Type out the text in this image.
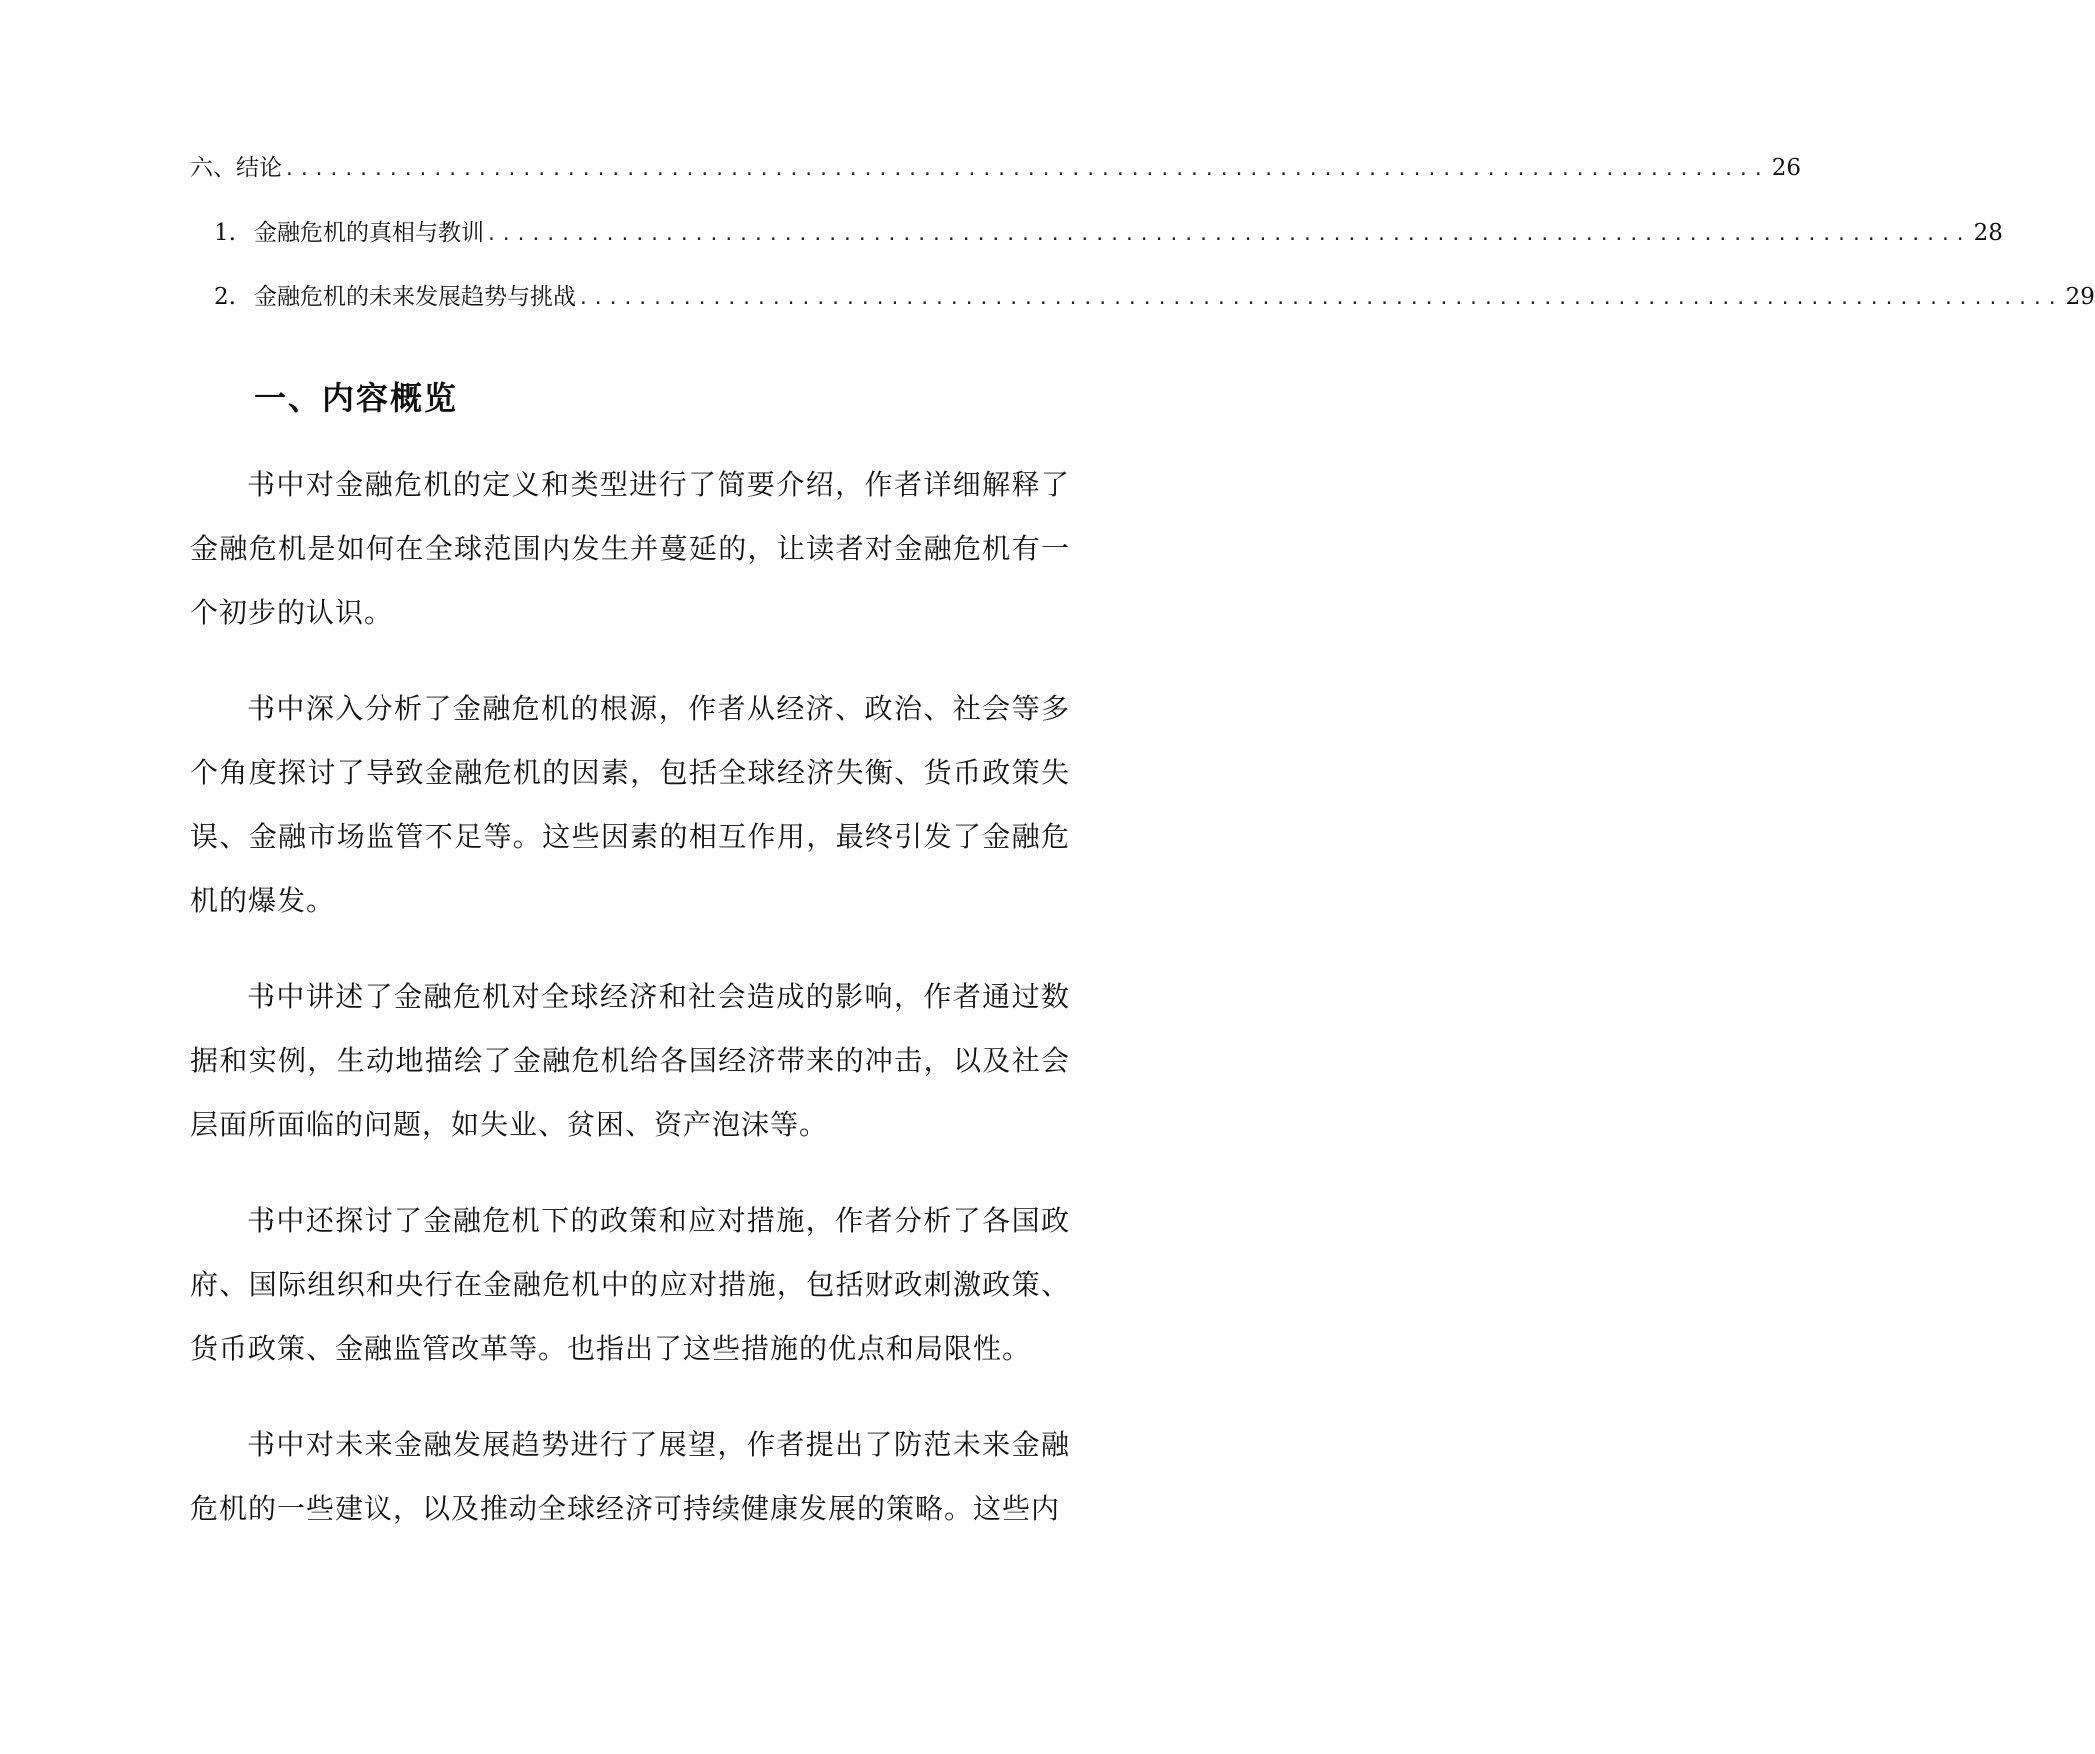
六、结论 .................................................................................................... 26
1. 金融危机的真相与教训 .................................................................................................... 28
2. 金融危机的未来发展趋势与挑战 .................................................................................................... 29
一、内容概览

书中对金融危机的定义和类型进行了简要介绍，作者详细解释了金融危机是如何在全球范围内发生并蔓延的，让读者对金融危机有一个初步的认识。

书中深入分析了金融危机的根源，作者从经济、政治、社会等多个角度探讨了导致金融危机的因素，包括全球经济失衡、货币政策失误、金融市场监管不足等。这些因素的相互作用，最终引发了金融危机的爆发。

书中讲述了金融危机对全球经济和社会造成的影响，作者通过数据和实例，生动地描绘了金融危机给各国经济带来的冲击，以及社会层面所面临的问题，如失业、贫困、资产泡沫等。

书中还探讨了金融危机下的政策和应对措施，作者分析了各国政府、国际组织和央行在金融危机中的应对措施，包括财政刺激政策、货币政策、金融监管改革等。也指出了这些措施的优点和局限性。

书中对未来金融发展趋势进行了展望，作者提出了防范未来金融危机的一些建议，以及推动全球经济可持续健康发展的策略。这些内
